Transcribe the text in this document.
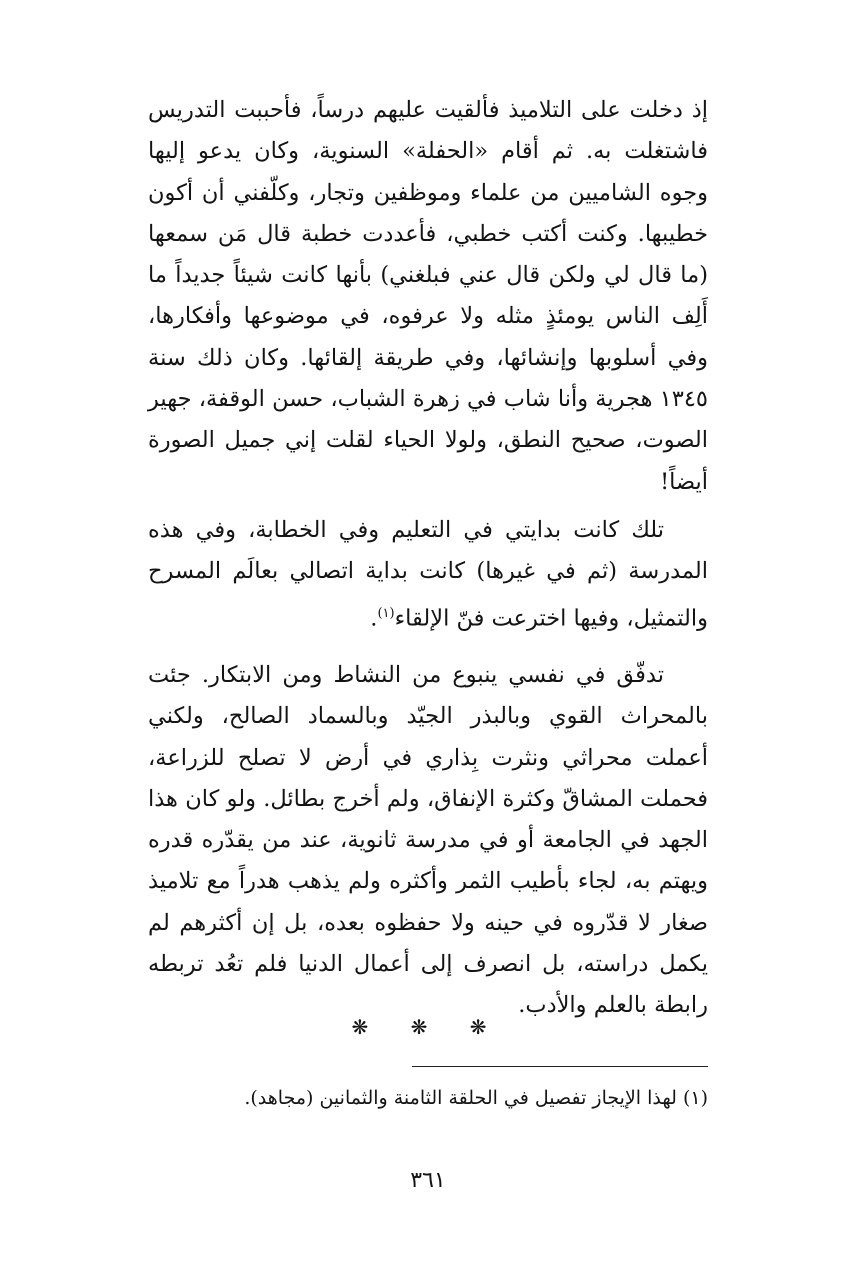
إذ دخلت على التلاميذ فألقيت عليهم درساً، فأحببت التدريس فاشتغلت به. ثم أقام «الحفلة» السنوية، وكان يدعو إليها وجوه الشاميين من علماء وموظفين وتجار، وكلّفني أن أكون خطيبها. وكنت أكتب خطبي، فأعددت خطبة قال مَن سمعها (ما قال لي ولكن قال عني فبلغني) بأنها كانت شيئاً جديداً ما أَلِف الناس يومئذٍ مثله ولا عرفوه، في موضوعها وأفكارها، وفي أسلوبها وإنشائها، وفي طريقة إلقائها. وكان ذلك سنة ١٣٤٥ هجرية وأنا شاب في زهرة الشباب، حسن الوقفة، جهير الصوت، صحيح النطق، ولولا الحياء لقلت إني جميل الصورة أيضاً!

تلك كانت بدايتي في التعليم وفي الخطابة، وفي هذه المدرسة (ثم في غيرها) كانت بداية اتصالي بعالَم المسرح والتمثيل، وفيها اخترعت فنّ الإلقاء$^{(١)}$.

تدفّق في نفسي ينبوع من النشاط ومن الابتكار. جئت بالمحراث القوي وبالبذر الجيّد وبالسماد الصالح، ولكني أعملت محراثي ونثرت بِذاري في أرض لا تصلح للزراعة، فحملت المشاقّ وكثرة الإنفاق، ولم أخرج بطائل. ولو كان هذا الجهد في الجامعة أو في مدرسة ثانوية، عند من يقدّره قدره ويهتم به، لجاء بأطيب الثمر وأكثره ولم يذهب هدراً مع تلاميذ صغار لا قدّروه في حينه ولا حفظوه بعده، بل إن أكثرهم لم يكمل دراسته، بل انصرف إلى أعمال الدنيا فلم تعُد تربطه رابطة بالعلم والأدب.

❋ ❋ ❋

(١) لهذا الإيجاز تفصيل في الحلقة الثامنة والثمانين (مجاهد).

٣٦١
